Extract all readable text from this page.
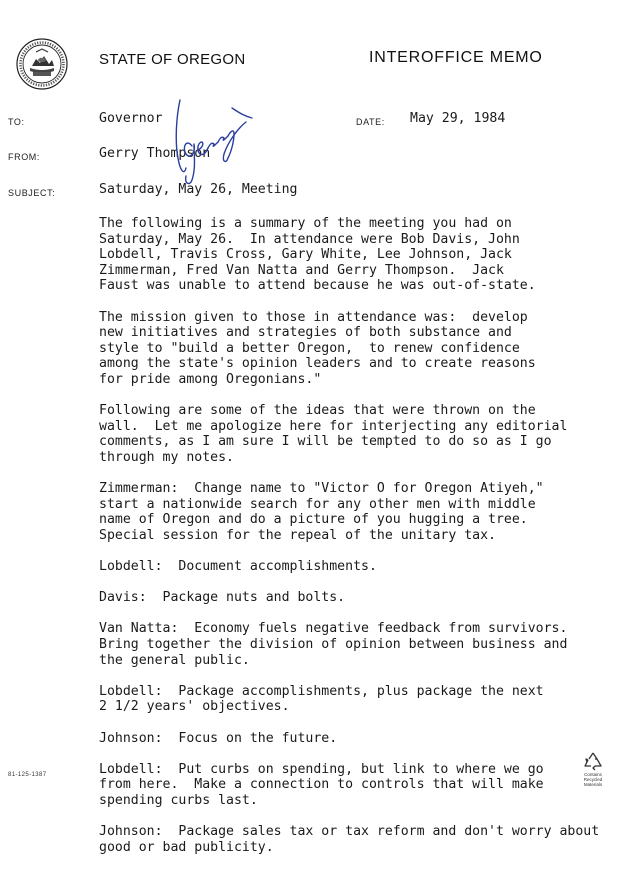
STATE OF OREGON	INTEROFFICE MEMO
TO:	Governor	DATE: May 29, 1984
FROM:	Gerry Thompson
SUBJECT:	Saturday, May 26, Meeting

The following is a summary of the meeting you had on
Saturday, May 26.  In attendance were Bob Davis, John
Lobdell, Travis Cross, Gary White, Lee Johnson, Jack
Zimmerman, Fred Van Natta and Gerry Thompson.  Jack
Faust was unable to attend because he was out-of-state.

The mission given to those in attendance was:  develop
new initiatives and strategies of both substance and
style to "build a better Oregon,  to renew confidence
among the state's opinion leaders and to create reasons
for pride among Oregonians."

Following are some of the ideas that were thrown on the
wall.  Let me apologize here for interjecting any editorial
comments, as I am sure I will be tempted to do so as I go
through my notes.

Zimmerman:  Change name to "Victor O for Oregon Atiyeh,"
start a nationwide search for any other men with middle
name of Oregon and do a picture of you hugging a tree.
Special session for the repeal of the unitary tax.

Lobdell:  Document accomplishments.

Davis:  Package nuts and bolts.

Van Natta:  Economy fuels negative feedback from survivors.
Bring together the division of opinion between business and
the general public.

Lobdell:  Package accomplishments, plus package the next
2 1/2 years' objectives.

Johnson:  Focus on the future.

Lobdell:  Put curbs on spending, but link to where we go
from here.  Make a connection to controls that will make
spending curbs last.

Johnson:  Package sales tax or tax reform and don't worry about
good or bad publicity.

81-125-1387	Contains
Recycled
Materials
